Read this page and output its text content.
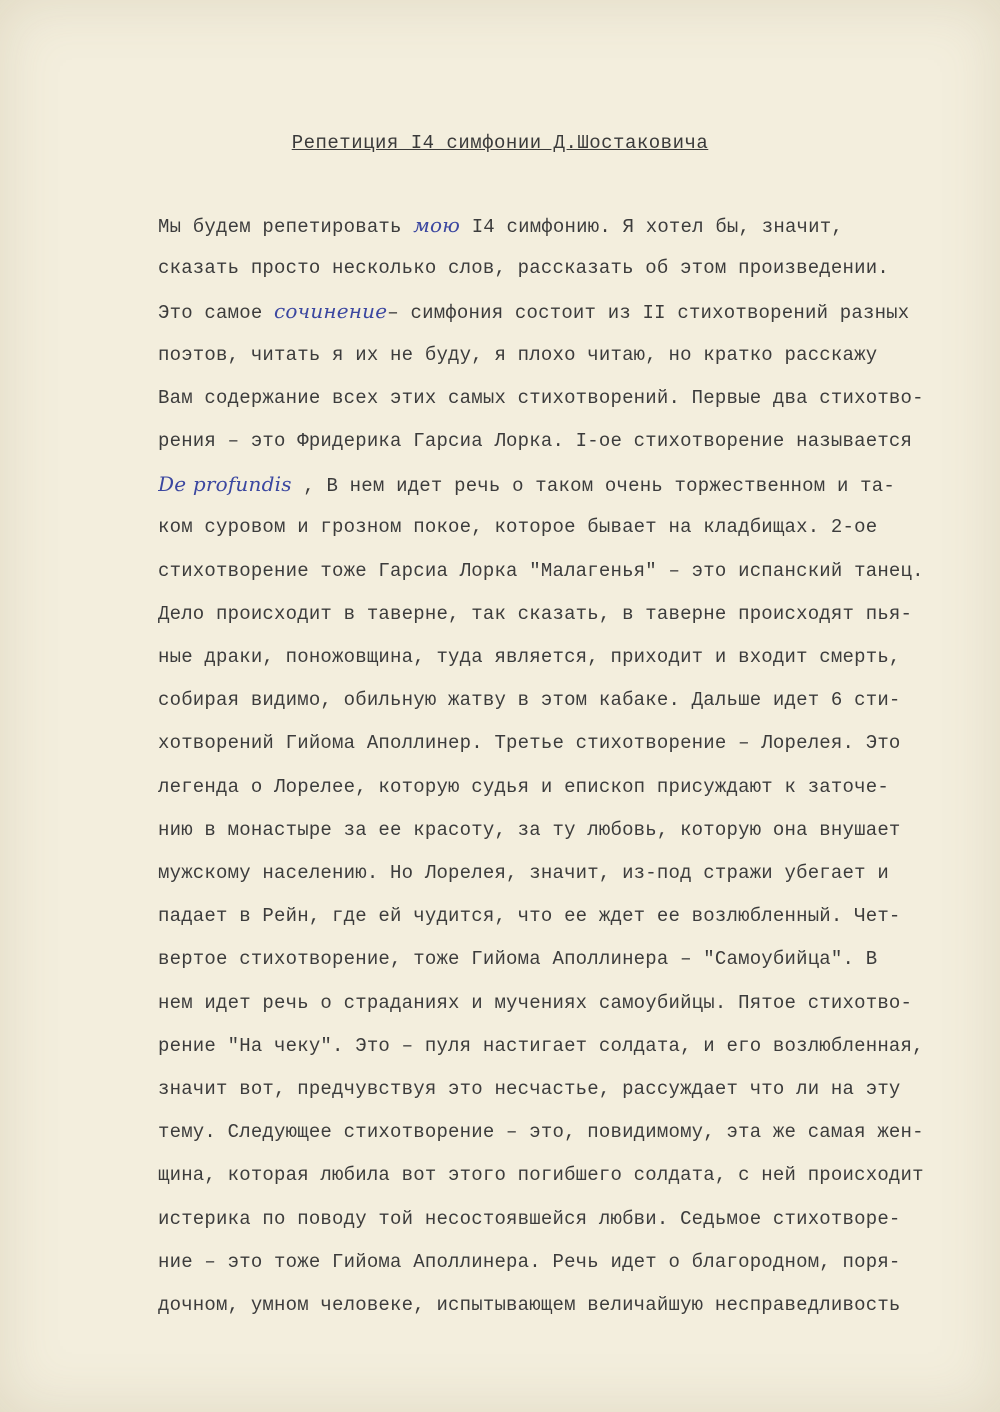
Репетиция I4 симфонии Д.Шостаковича
Мы будем репетировать мою I4 симфонию. Я хотел бы, значит,
сказать просто несколько слов, рассказать об этом произведении.
Это самое сочинение– симфония состоит из II стихотворений разных
поэтов, читать я их не буду, я плохо читаю, но кратко расскажу
Вам содержание всех этих самых стихотворений. Первые два стихотво-
рения – это Фридерика Гарсиа Лорка. I-ое стихотворение называется
De profundis , В нем идет речь о таком очень торжественном и та-
ком суровом и грозном покое, которое бывает на кладбищах. 2-ое
стихотворение тоже Гарсиа Лорка "Малагенья" – это испанский танец.
Дело происходит в таверне, так сказать, в таверне происходят пья-
ные драки, поножовщина, туда является, приходит и входит смерть,
собирая видимо, обильную жатву в этом кабаке. Дальше идет 6 сти-
хотворений Гийома Аполлинер. Третье стихотворение – Лорелея. Это
легенда о Лорелее, которую судья и епископ присуждают к заточе-
нию в монастыре за ее красоту, за ту любовь, которую она внушает
мужскому населению. Но Лорелея, значит, из-под стражи убегает и
падает в Рейн, где ей чудится, что ее ждет ее возлюбленный. Чет-
вертое стихотворение, тоже Гийома Аполлинера – "Самоубийца". В
нем идет речь о страданиях и мучениях самоубийцы. Пятое стихотво-
рение "На чеку". Это – пуля настигает солдата, и его возлюбленная,
значит вот, предчувствуя это несчастье, рассуждает что ли на эту
тему. Следующее стихотворение – это, повидимому, эта же самая жен-
щина, которая любила вот этого погибшего солдата, с ней происходит
истерика по поводу той несостоявшейся любви. Седьмое стихотворе-
ние – это тоже Гийома Аполлинера. Речь идет о благородном, поря-
дочном, умном человеке, испытывающем величайшую несправедливость
